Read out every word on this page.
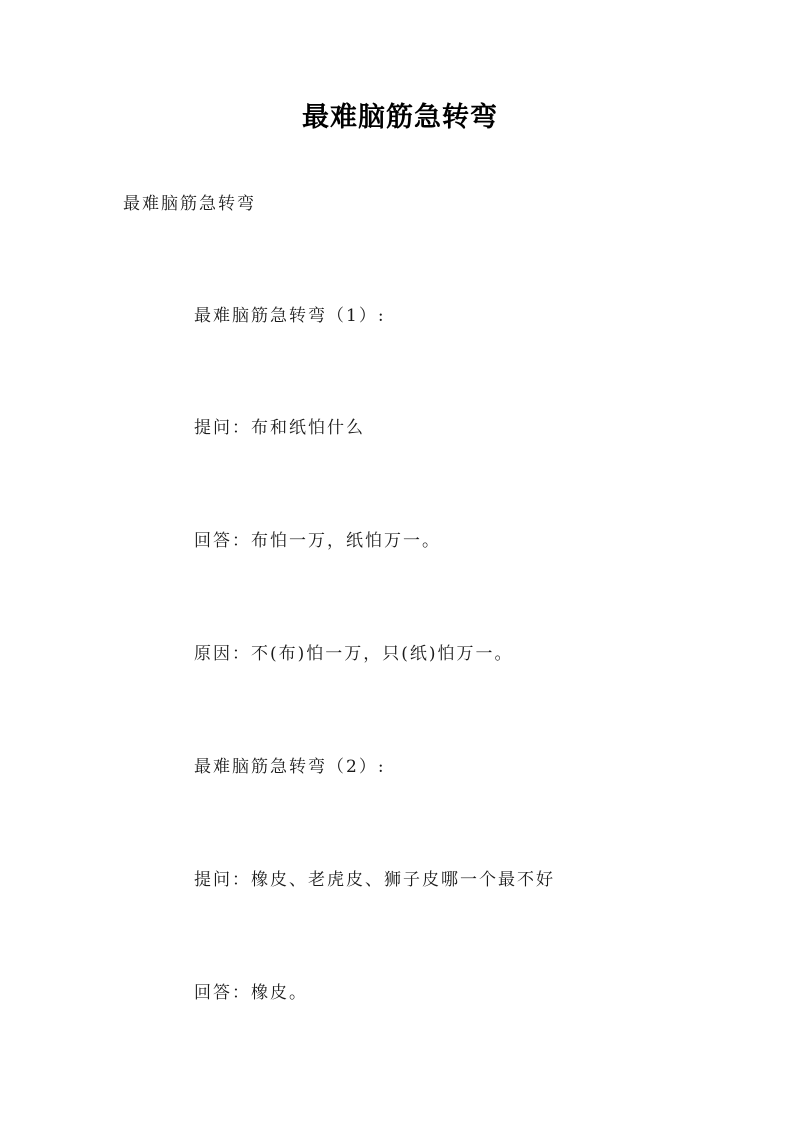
最难脑筋急转弯
最难脑筋急转弯
最难脑筋急转弯（1）:
提问：布和纸怕什么
回答：布怕一万，纸怕万一。
原因：不(布)怕一万，只(纸)怕万一。
最难脑筋急转弯（2）:
提问：橡皮、老虎皮、狮子皮哪一个最不好
回答：橡皮。
